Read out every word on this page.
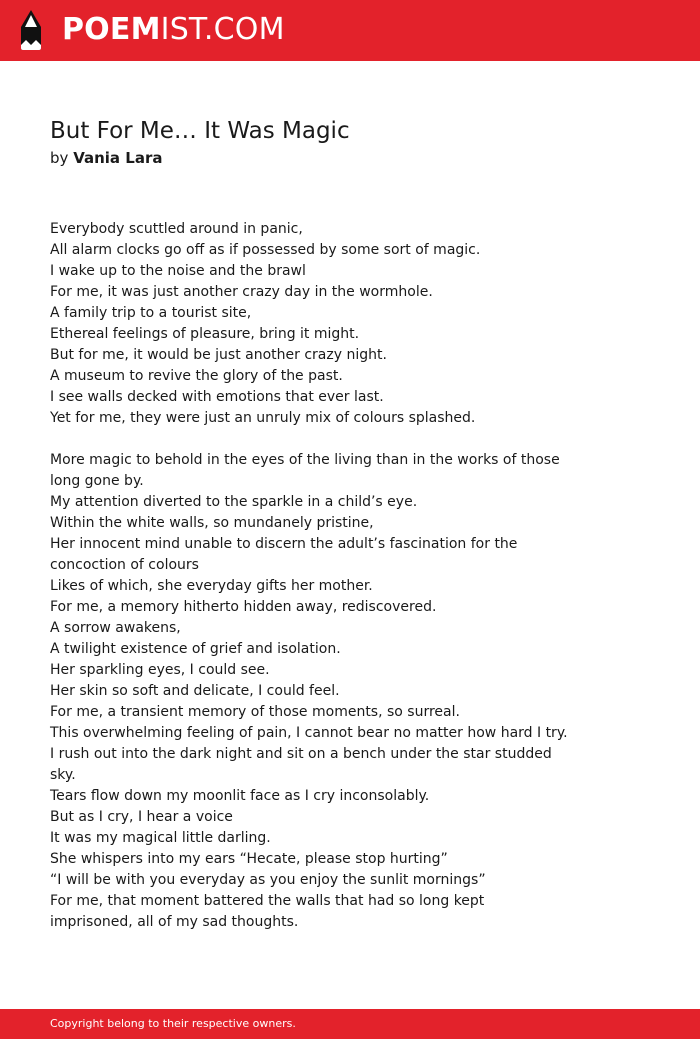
POEMIST.COM
But For Me… It Was Magic
by Vania Lara
Everybody scuttled around in panic,
All alarm clocks go off as if possessed by some sort of magic.
I wake up to the noise and the brawl
For me, it was just another crazy day in the wormhole.
A family trip to a tourist site,
Ethereal feelings of pleasure, bring it might.
But for me, it would be just another crazy night.
A museum to revive the glory of the past.
I see walls decked with emotions that ever last.
Yet for me, they were just an unruly mix of colours splashed.
More magic to behold in the eyes of the living than in the works of those long gone by.
My attention diverted to the sparkle in a child’s eye.
Within the white walls, so mundanely pristine,
Her innocent mind unable to discern the adult’s fascination for the concoction of colours
Likes of which, she everyday gifts her mother.
For me, a memory hitherto hidden away, rediscovered.
A sorrow awakens,
A twilight existence of grief and isolation.
Her sparkling eyes, I could see.
Her skin so soft and delicate, I could feel.
For me, a transient memory of those moments, so surreal.
This overwhelming feeling of pain, I cannot bear no matter how hard I try.
I rush out into the dark night and sit on a bench under the star studded sky.
Tears flow down my moonlit face as I cry inconsolably.
But as I cry, I hear a voice
It was my magical little darling.
She whispers into my ears “Hecate, please stop hurting”
“I will be with you everyday as you enjoy the sunlit mornings”
For me, that moment battered the walls that had so long kept imprisoned, all of my sad thoughts.
Copyright belong to their respective owners.
